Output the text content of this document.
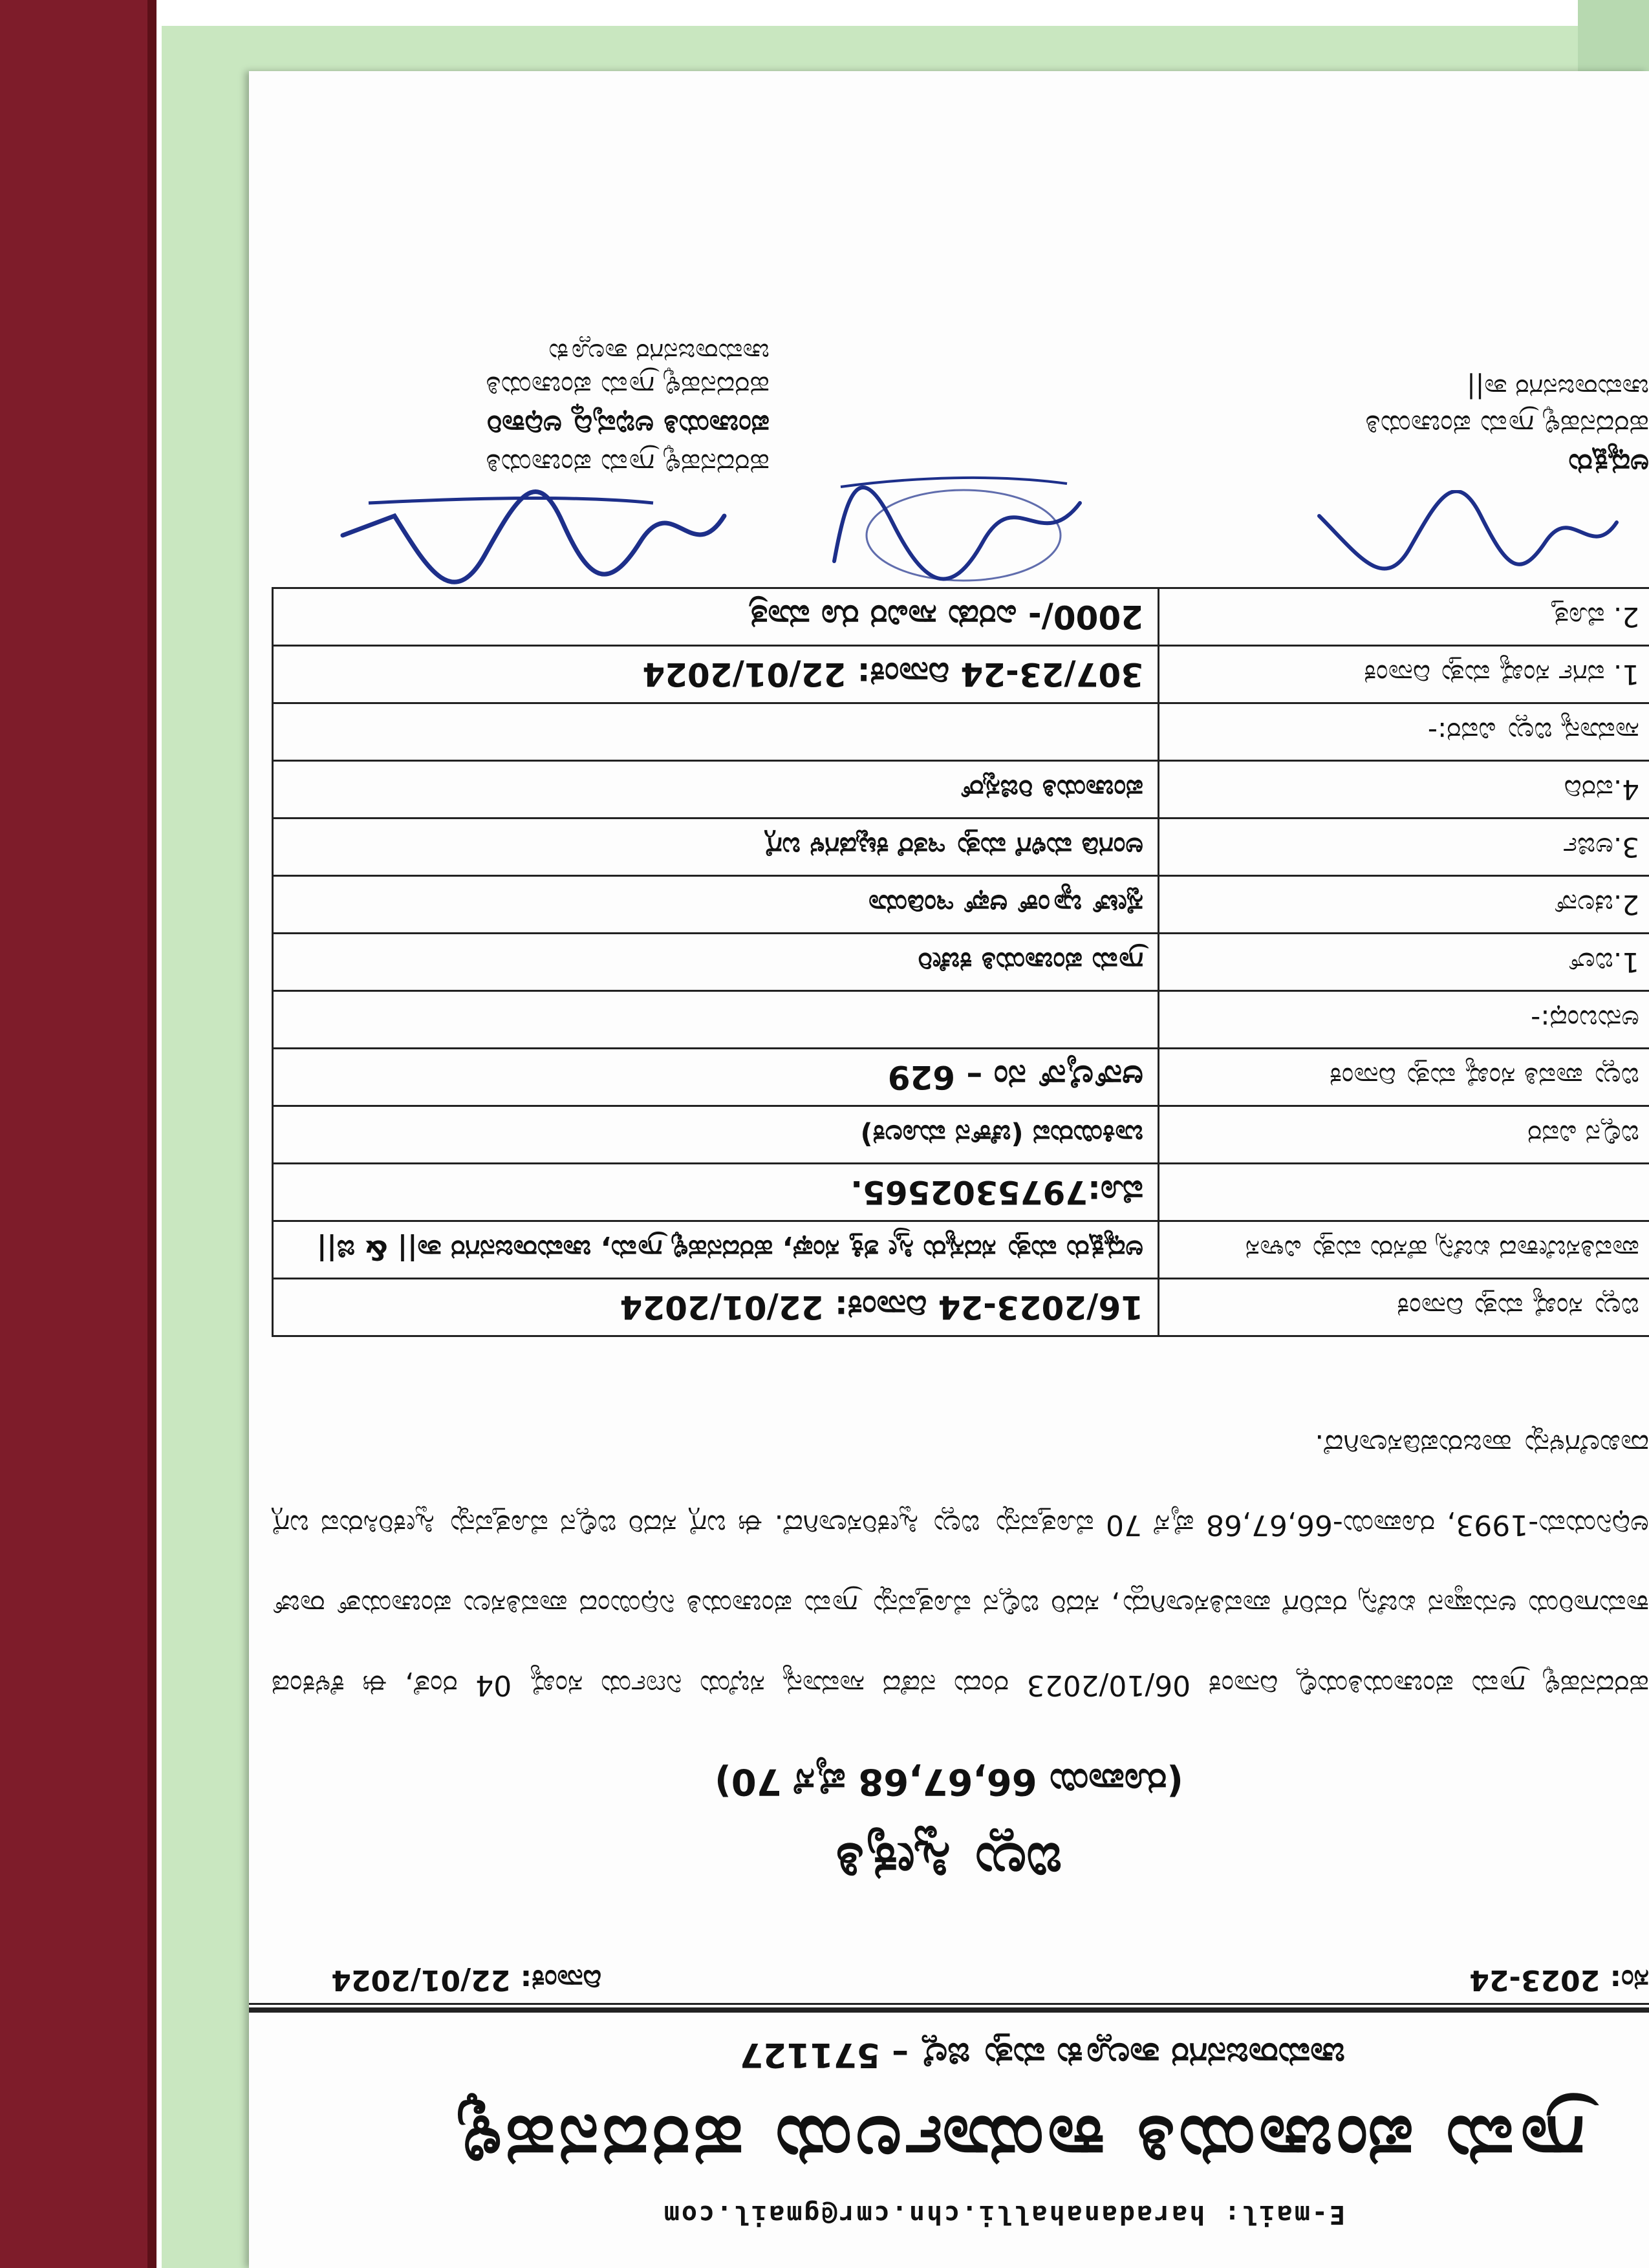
E-mail: haradanahalli.chn.cmr@gmail.com
ಗ್ರಾಮ ಪಂಚಾಯತಿ ಕಾರ್ಯಾಲಯ ಹರದನಹಳ್ಳಿ
ಚಾಮರಾಜನಗರ ತಾಲ್ಲೂಕು ಮತ್ತು ಜಿಲ್ಲೆ – 571127
ಸಂ: 2023-24
ದಿನಾಂಕ: 22/01/2024
ಬಿಲ್ಲು ಸ್ವೀಕೃತಿ
(ರೂಪಾಯಿ 66,67,68 ಪೈಸೆ 70)
ಹರದನಹಳ್ಳಿ ಗ್ರಾಮ ಪಂಚಾಯತಿಯಲ್ಲಿ ದಿನಾಂಕ 06/10/2023 ರಂದು ನಡೆದ ಸಾಮಾನ್ಯ ಸಭೆಯ ನಿರ್ಣಯ ಸಂಖ್ಯೆ 04 ರಂತೆ, ಈ ಕೆಳಕಂಡ ಕಾಮಗಾರಿಯ ಅನುಷ್ಠಾನ ಏಜೆನ್ಸಿ ರವರಿಗೆ ಪಾವತಿಸಲಾಗಿದ್ದು, ಸದರಿ ಬಿಲ್ಲಿನ ಮೊತ್ತವನ್ನು ಗ್ರಾಮ ಪಂಚಾಯತಿ ನಿಧಿಯಿಂದ ಪಾವತಿಸಲು ಪಂಚಾಯತ್ ರಾಜ್ ಅಧಿನಿಯಮ-1993, ರೂಪಾಯಿ-66,67,68 ಪೈಸೆ 70 ಮೊತ್ತವನ್ನು ಬಿಲ್ಲು ಸ್ವೀಕರಿಸಲಾಗಿದೆ. ಈ ಬಗ್ಗೆ ಸದರಿ ಬಿಲ್ಲಿನ ಮೊತ್ತವನ್ನು ಸ್ವೀಕರಿಸಿರುವ ಬಗ್ಗೆ ದಾಖಲೆಗಳನ್ನು ಹಾಜರುಪಡಿಸಲಾಗಿದೆ.
ಬಿಲ್ಲು ಸಂಖ್ಯೆ ಮತ್ತು ದಿನಾಂಕ	16/2023-24 ದಿನಾಂಕ: 22/01/2024
ಪಾವತಿಸಬೇಕಾದ ಏಜೆನ್ಸಿ ಹೆಸರು ಮತ್ತು ವಿಳಾಸ	ಅಧ್ಯಕ್ಷರು ಮತ್ತು ಸದಸ್ಯರು ಸ್ತ್ರೀ ಶಕ್ತಿ ಸಂಘ, ಹರದನಹಳ್ಳಿ ಗ್ರಾಮ, ಚಾಮರಾಜನಗರ ತಾ|| & ಜಿ||
	ಮೊ:7975302565.
ಬಿಲ್ಲಿನ ವಿವರ	ಬಾಕಿಯಿರುವ (ಚೆಕ್‌ನ ಮೂಲಕ)
ಬಿಲ್ಲು ಪಾವತಿ ಸಂಖ್ಯೆ ಮತ್ತು ದಿನಾಂಕ	ಆನ್‌ಲೈನ್ ನಂ – 629
ಅನುಬಂಧ:-	
1.ಬಿಲ್	ಗ್ರಾಮ ಪಂಚಾಯತಿ ಕಚೇರಿ
2.ಚಲನ್	ಸ್ಟೇಟ್ ಬ್ಯಾಂಕ್ ಆಫ್ ಇಂಡಿಯಾ
3.ಅರ್ಜಿ	ಅಂಗಡಿ ಮಳಿಗೆ ಮತ್ತು ಇತರೆ ಕಟ್ಟಡಗಳ ಬಗ್ಗೆ
4.ವರದಿ	ಪಂಚಾಯತಿ ರಿಜಿಸ್ಟರ್
ಸಾಮಾನ್ಯ ಬಿಲ್ಲು ವಿವರ:-	
1. ವರ್ಗ ಸಂಖ್ಯೆ ಮತ್ತು ದಿನಾಂಕ	307/23-24 ದಿನಾಂಕ: 22/01/2024
2. ಮೊತ್ತ	2000/- ಎರಡು ಸಾವಿರ ರೂ ಮಾತ್ರ
ಹರದನಹಳ್ಳಿ ಗ್ರಾಮ ಪಂಚಾಯತಿ
ಪಂಚಾಯತಿ ಅಭಿವೃದ್ಧಿ ಅಧಿಕಾರಿ
ಹರದನಹಳ್ಳಿ ಗ್ರಾಮ ಪಂಚಾಯತಿ
ಚಾಮರಾಜನಗರ ತಾಲ್ಲೂಕು
ಅಧ್ಯಕ್ಷರು
ಹರದನಹಳ್ಳಿ ಗ್ರಾಮ ಪಂಚಾಯತಿ
ಚಾಮರಾಜನಗರ ತಾ||
